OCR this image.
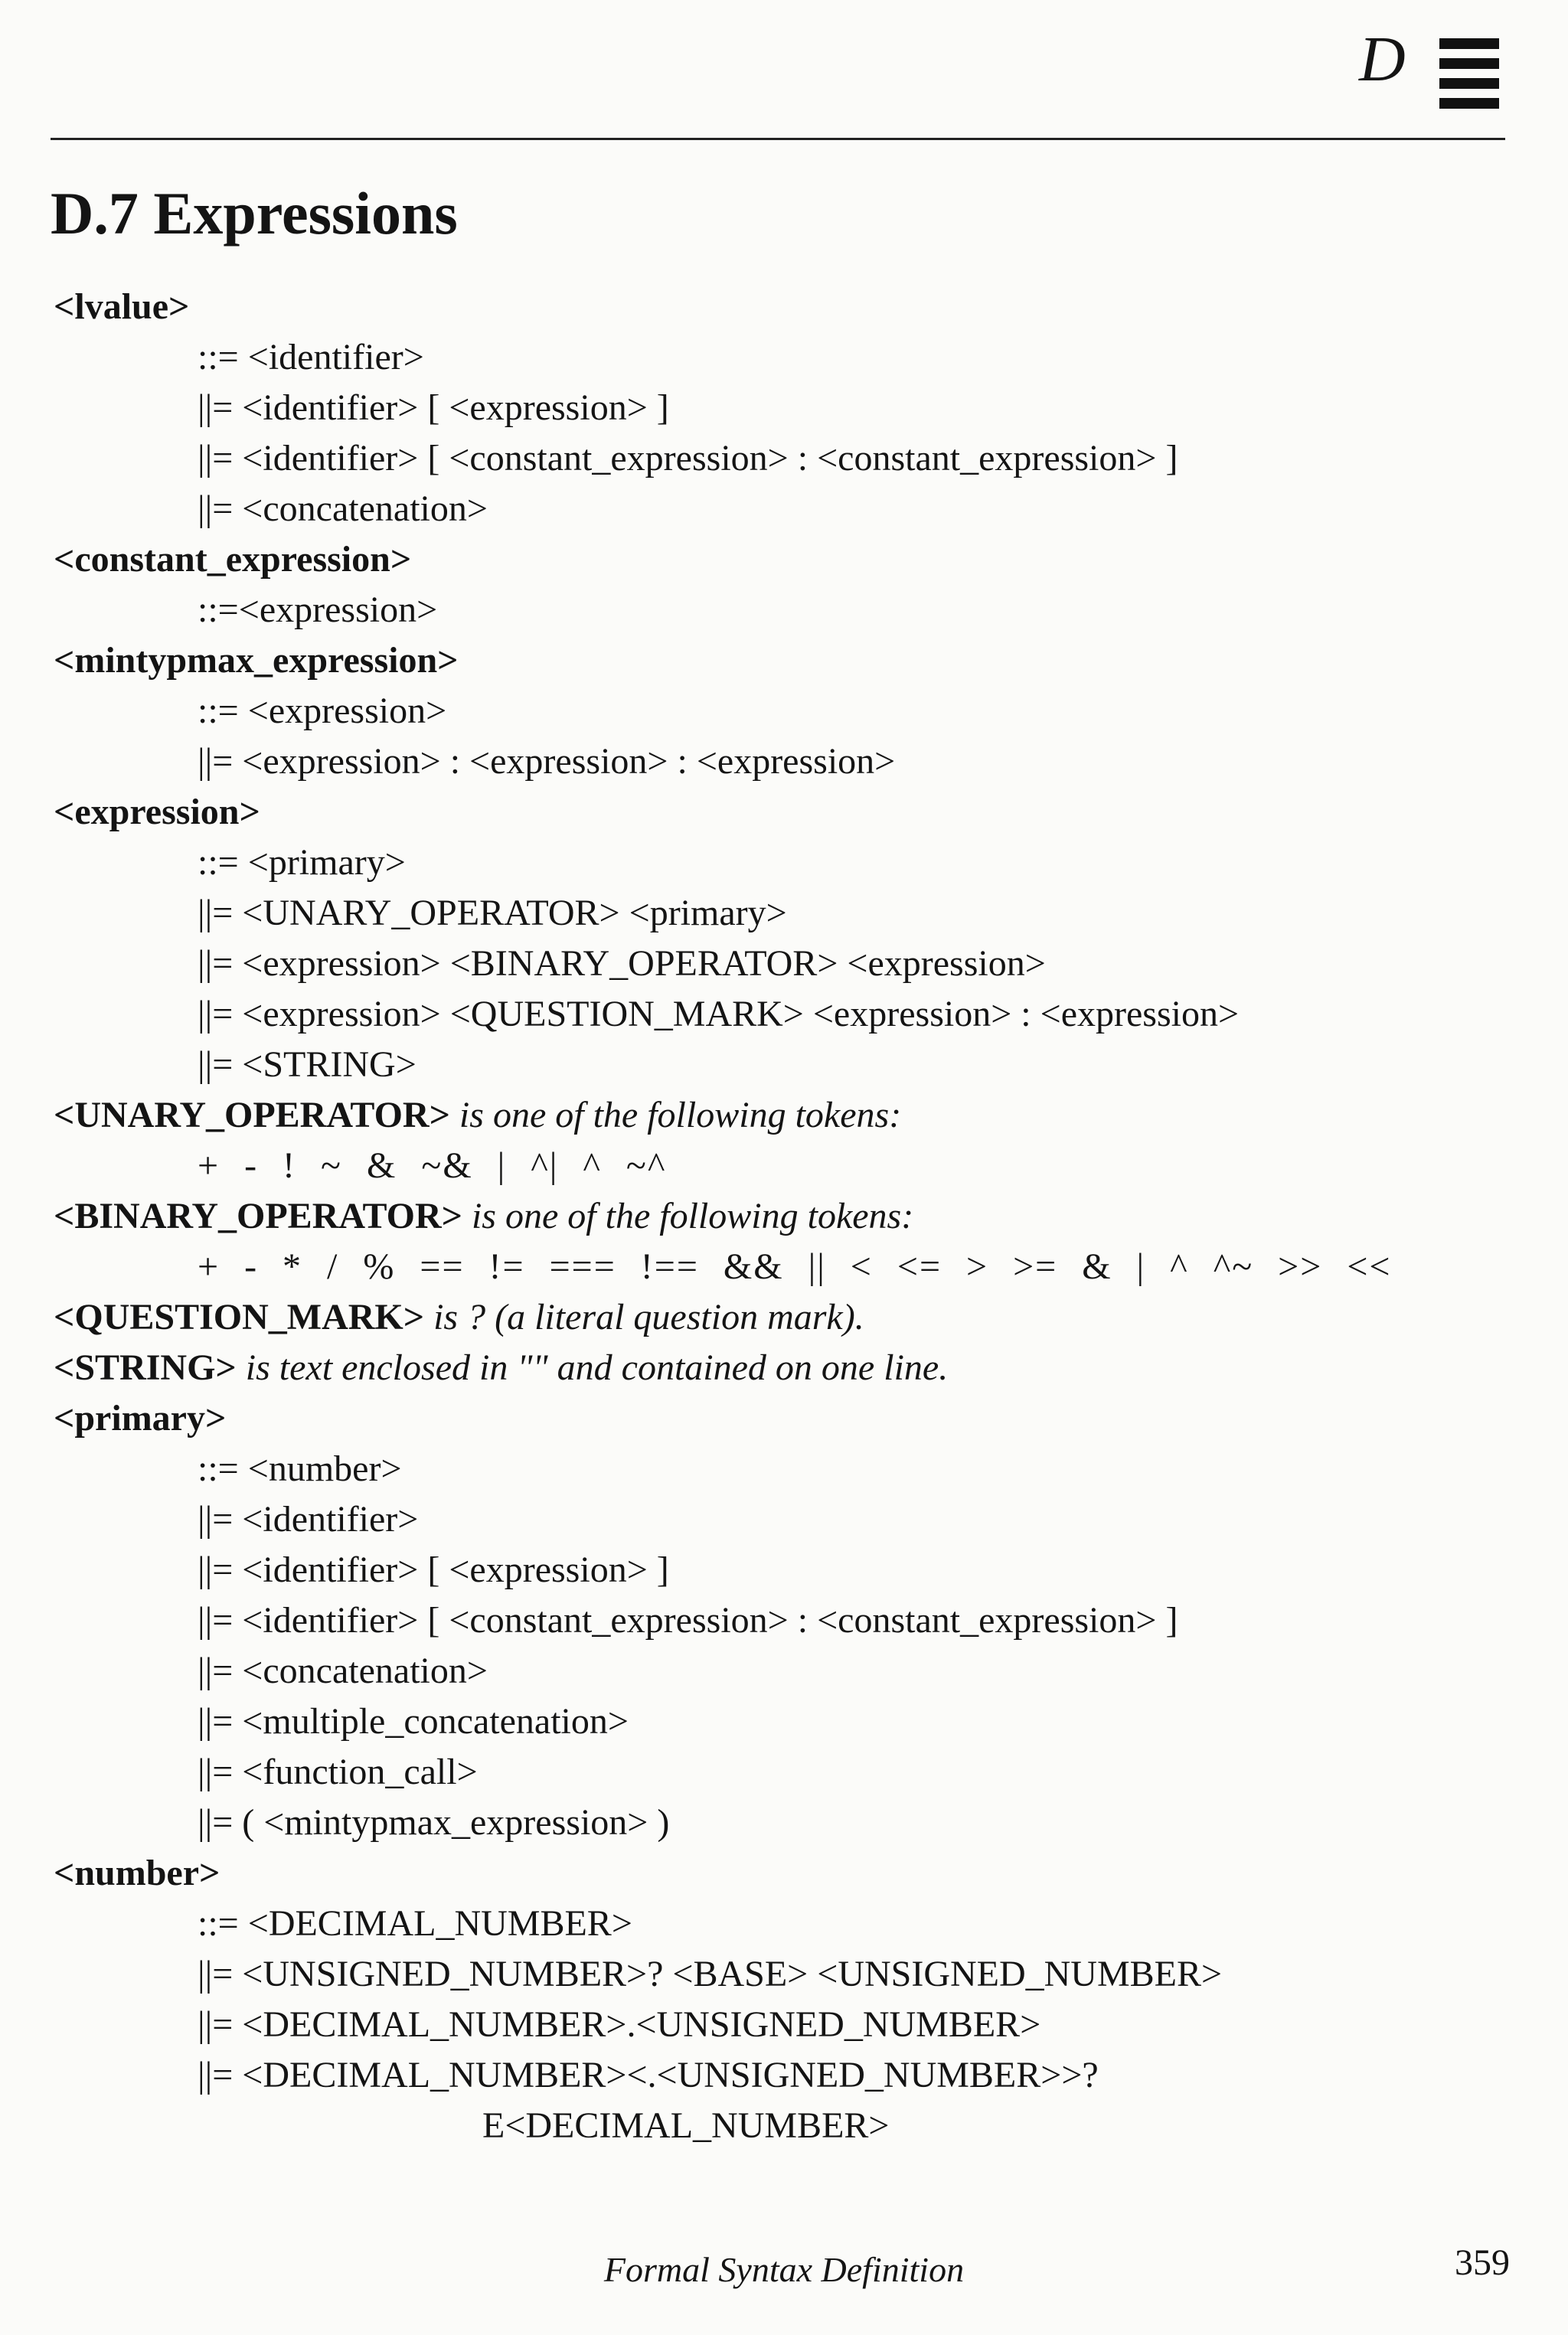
D
D.7 Expressions
<lvalue>
::= <identifier>
||= <identifier> [ <expression> ]
||= <identifier> [ <constant_expression> : <constant_expression> ]
||= <concatenation>
<constant_expression>
::=<expression>
<mintypmax_expression>
::= <expression>
||= <expression> : <expression> : <expression>
<expression>
::= <primary>
||= <UNARY_OPERATOR> <primary>
||= <expression> <BINARY_OPERATOR> <expression>
||= <expression> <QUESTION_MARK> <expression> : <expression>
||= <STRING>
<UNARY_OPERATOR> is one of the following tokens:
+ - ! ~ & ~& | ^| ^ ~^
<BINARY_OPERATOR> is one of the following tokens:
+ - * / % == != === !== && || < <= > >= & | ^ ^~ >> <<
<QUESTION_MARK> is ? (a literal question mark).
<STRING> is text enclosed in "" and contained on one line.
<primary>
::= <number>
||= <identifier>
||= <identifier> [ <expression> ]
||= <identifier> [ <constant_expression> : <constant_expression> ]
||= <concatenation>
||= <multiple_concatenation>
||= <function_call>
||= ( <mintypmax_expression> )
<number>
::= <DECIMAL_NUMBER>
||= <UNSIGNED_NUMBER>? <BASE> <UNSIGNED_NUMBER>
||= <DECIMAL_NUMBER>.<UNSIGNED_NUMBER>
||= <DECIMAL_NUMBER><.<UNSIGNED_NUMBER>>?
E<DECIMAL_NUMBER>
Formal Syntax Definition	359
